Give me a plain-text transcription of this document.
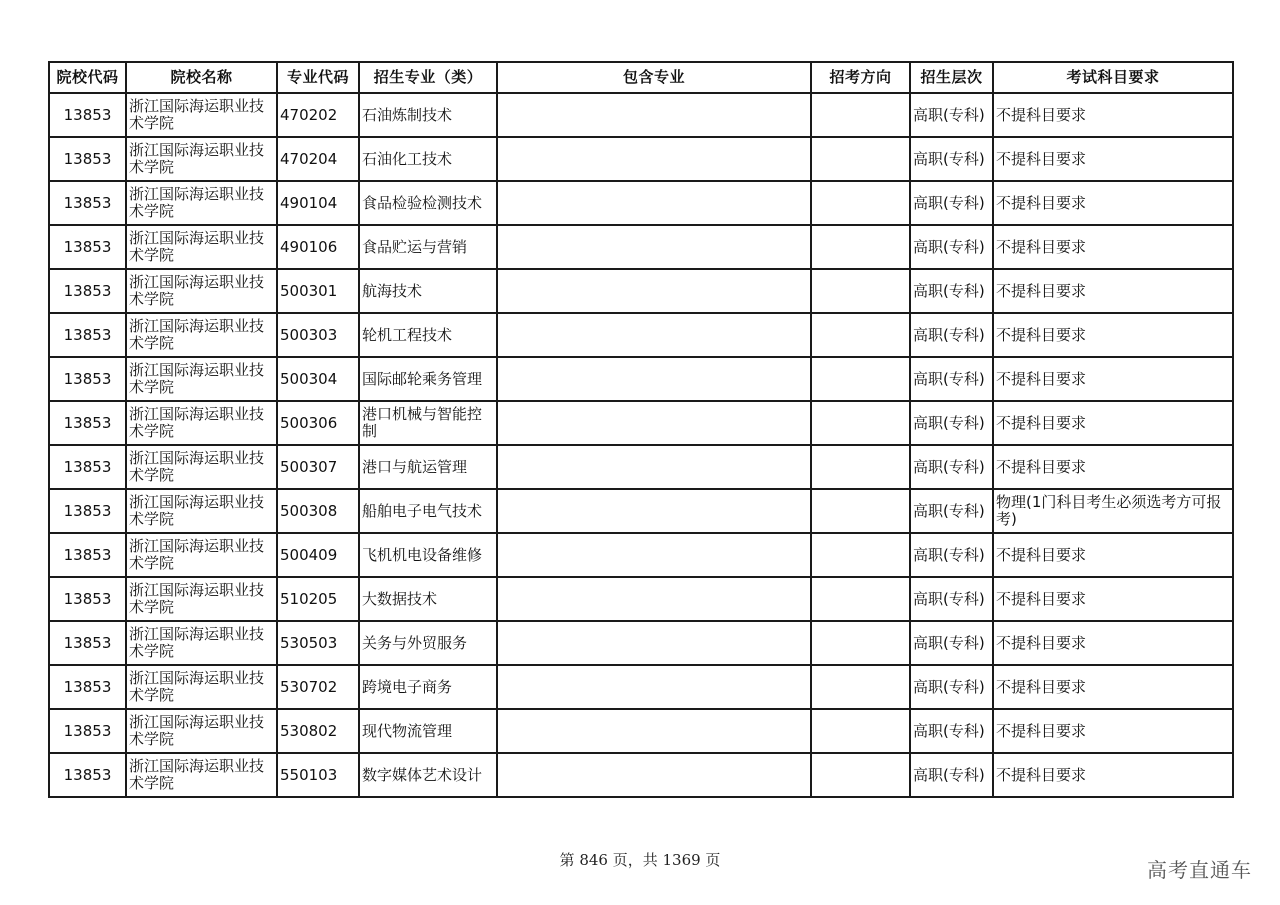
院校代码	院校名称	专业代码	招生专业（类）	包含专业	招考方向	招生层次	考试科目要求
13853	浙江国际海运职业技术学院	470202	石油炼制技术			高职(专科)	不提科目要求
13853	浙江国际海运职业技术学院	470204	石油化工技术			高职(专科)	不提科目要求
13853	浙江国际海运职业技术学院	490104	食品检验检测技术			高职(专科)	不提科目要求
13853	浙江国际海运职业技术学院	490106	食品贮运与营销			高职(专科)	不提科目要求
13853	浙江国际海运职业技术学院	500301	航海技术			高职(专科)	不提科目要求
13853	浙江国际海运职业技术学院	500303	轮机工程技术			高职(专科)	不提科目要求
13853	浙江国际海运职业技术学院	500304	国际邮轮乘务管理			高职(专科)	不提科目要求
13853	浙江国际海运职业技术学院	500306	港口机械与智能控制			高职(专科)	不提科目要求
13853	浙江国际海运职业技术学院	500307	港口与航运管理			高职(专科)	不提科目要求
13853	浙江国际海运职业技术学院	500308	船舶电子电气技术			高职(专科)	物理(1门科目考生必须选考方可报考)
13853	浙江国际海运职业技术学院	500409	飞机机电设备维修			高职(专科)	不提科目要求
13853	浙江国际海运职业技术学院	510205	大数据技术			高职(专科)	不提科目要求
13853	浙江国际海运职业技术学院	530503	关务与外贸服务			高职(专科)	不提科目要求
13853	浙江国际海运职业技术学院	530702	跨境电子商务			高职(专科)	不提科目要求
13853	浙江国际海运职业技术学院	530802	现代物流管理			高职(专科)	不提科目要求
13853	浙江国际海运职业技术学院	550103	数字媒体艺术设计			高职(专科)	不提科目要求
第 846 页，共 1369 页	高考直通车
